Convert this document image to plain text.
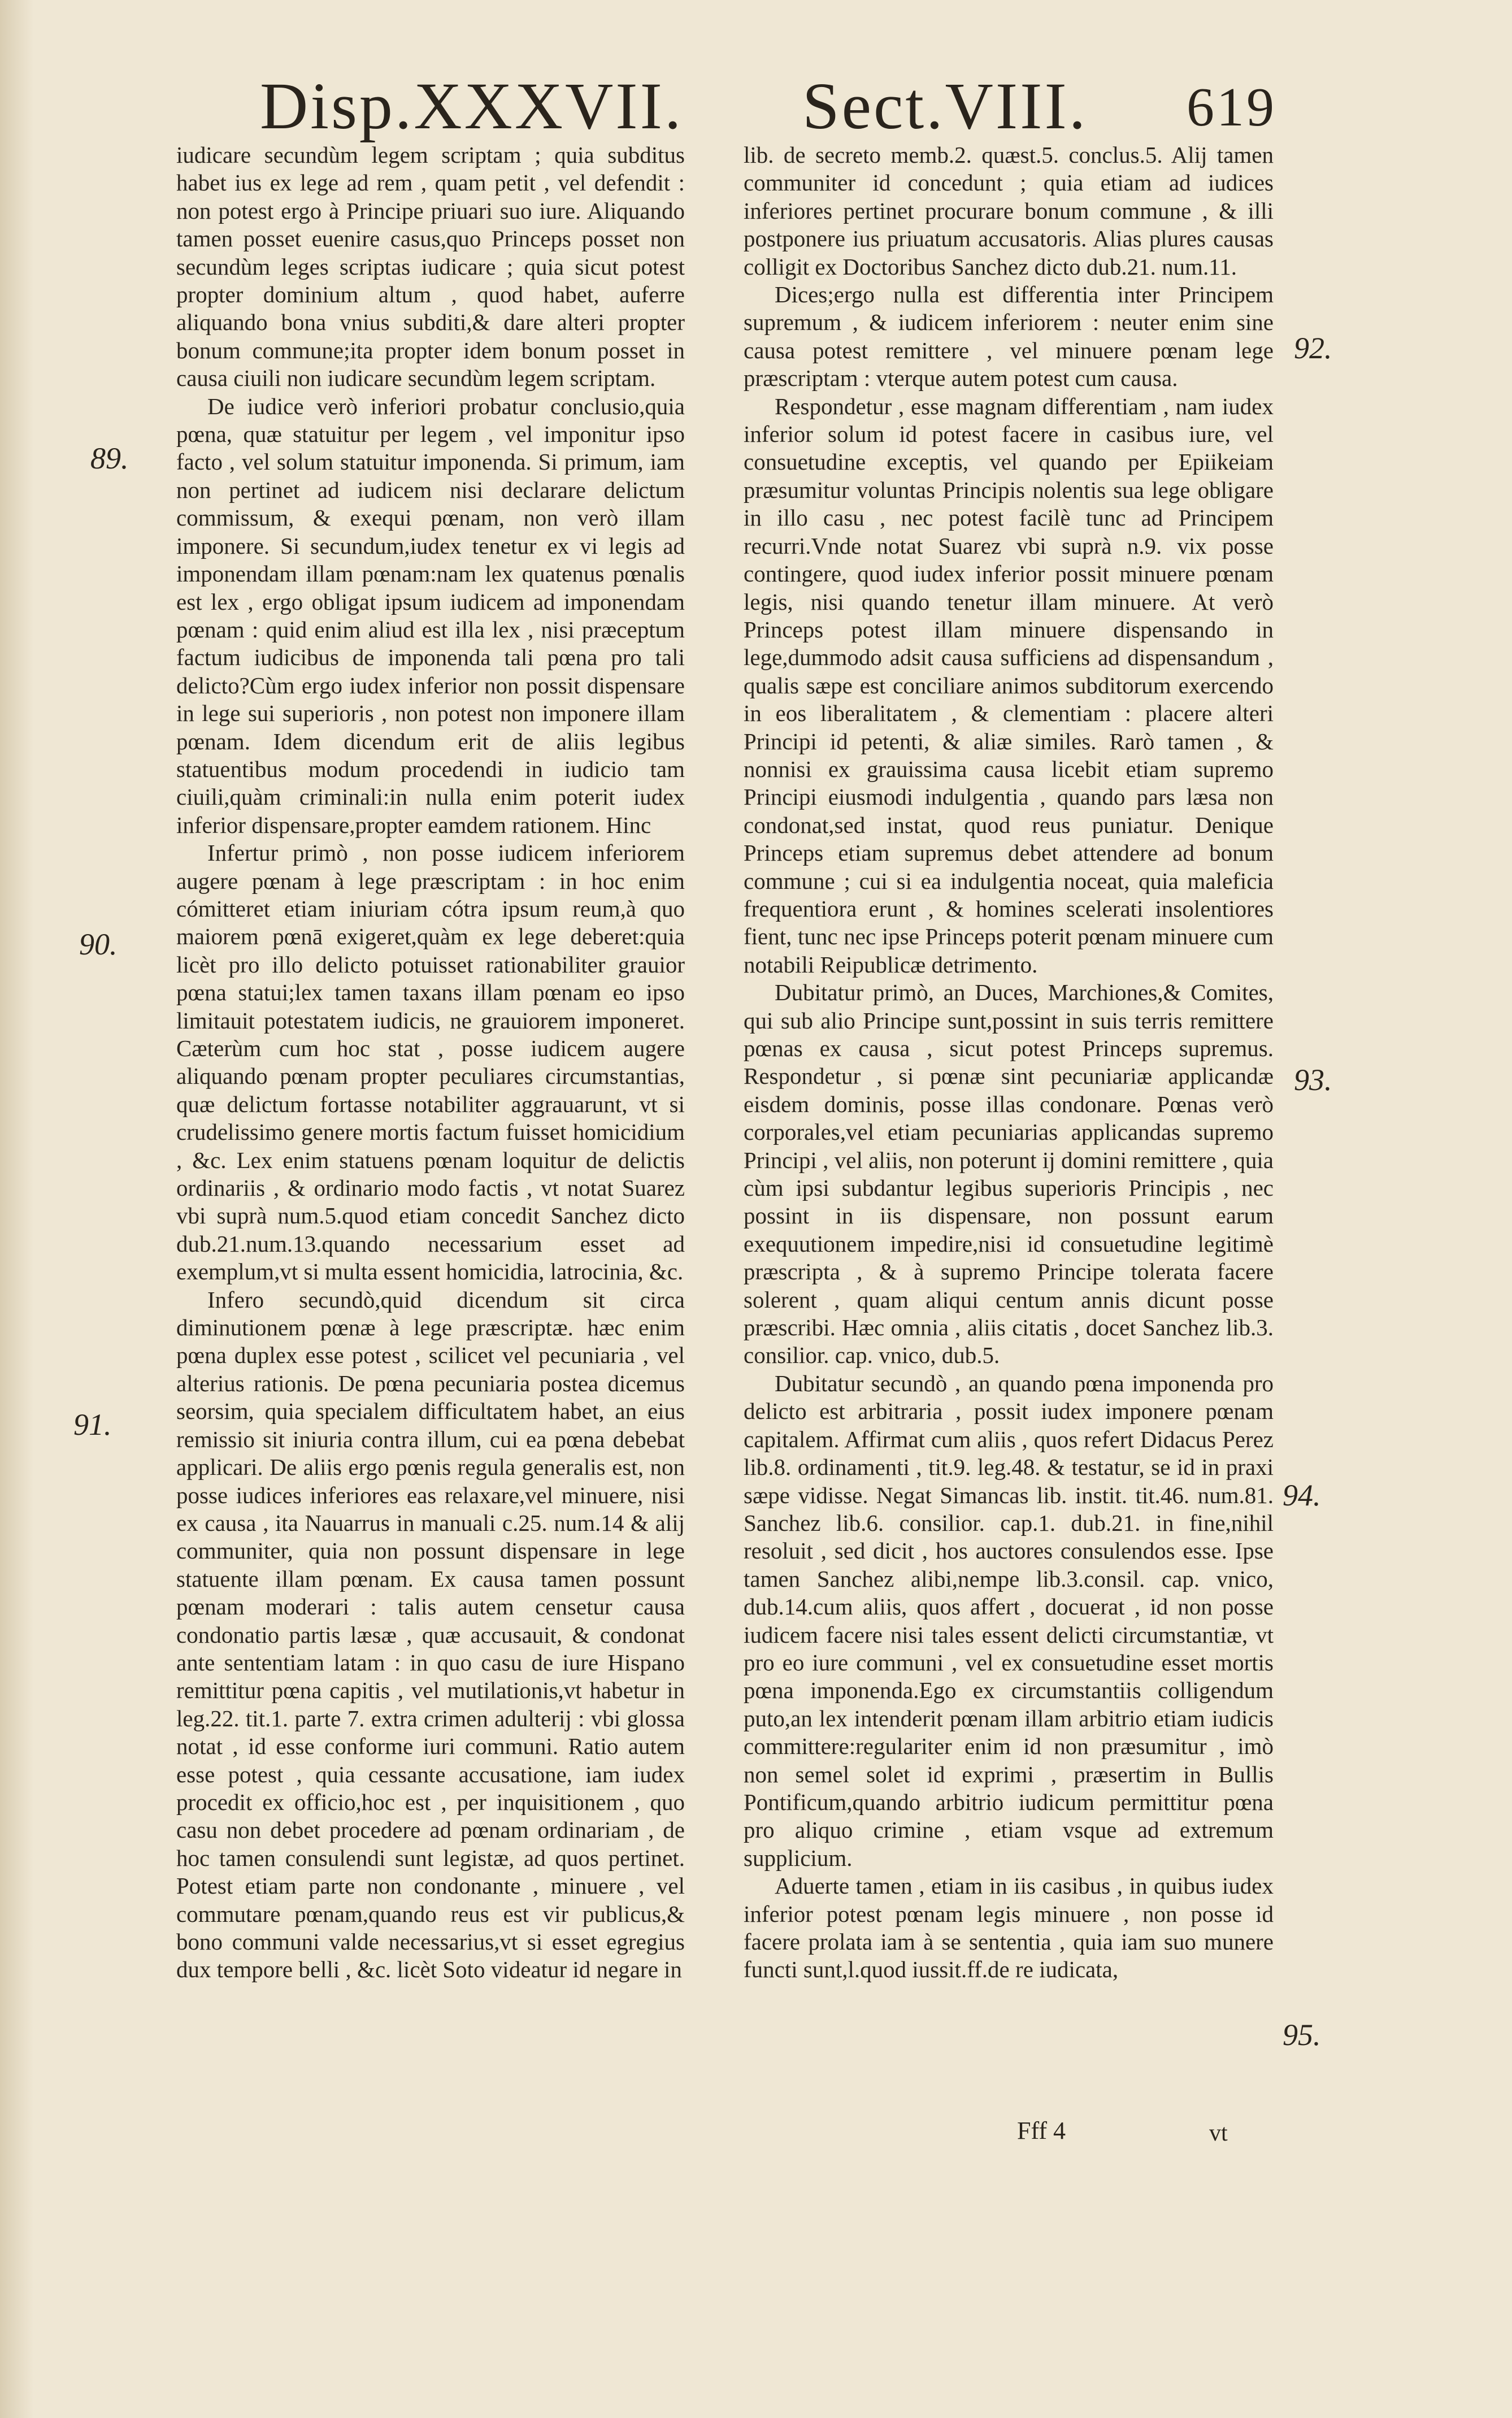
Disp.XXXVII. Sect.VIII. 619

iudicare secundùm legem scriptam ; quia subditus habet ius ex lege ad rem , quam petit , vel defendit : non potest ergo à Principe priuari suo iure. Aliquando tamen posset euenire casus,quo Princeps posset non secundùm leges scriptas iudicare ; quia sicut potest propter dominium altum , quod habet, auferre aliquando bona vnius subditi,& dare alteri propter bonum commune;ita propter idem bonum posset in causa ciuili non iudicare secundùm legem scriptam.

De iudice verò inferiori probatur conclusio,quia pœna, quæ statuitur per legem , vel imponitur ipso facto , vel solum statuitur imponenda. Si primum, iam non pertinet ad iudicem nisi declarare delictum commissum, & exequi pœnam, non verò illam imponere. Si secundum,iudex tenetur ex vi legis ad imponendam illam pœnam:nam lex quatenus pœnalis est lex , ergo obligat ipsum iudicem ad imponendam pœnam : quid enim aliud est illa lex , nisi præceptum factum iudicibus de imponenda tali pœna pro tali delicto?Cùm ergo iudex inferior non possit dispensare in lege sui superioris , non potest non imponere illam pœnam. Idem dicendum erit de aliis legibus statuentibus modum procedendi in iudicio tam ciuili,quàm criminali:in nulla enim poterit iudex inferior dispensare,propter eamdem rationem. Hinc

Infertur primò , non posse iudicem inferiorem augere pœnam à lege præscriptam : in hoc enim cómitteret etiam iniuriam cótra ipsum reum,à quo maiorem pœnā exigeret,quàm ex lege deberet:quia licèt pro illo delicto potuisset rationabiliter grauior pœna statui;lex tamen taxans illam pœnam eo ipso limitauit potestatem iudicis, ne grauiorem imponeret. Cæterùm cum hoc stat , posse iudicem augere aliquando pœnam propter peculiares circumstantias, quæ delictum fortasse notabiliter aggrauarunt, vt si crudelissimo genere mortis factum fuisset homicidium , &c. Lex enim statuens pœnam loquitur de delictis ordinariis , & ordinario modo factis , vt notat Suarez vbi suprà num.5.quod etiam concedit Sanchez dicto dub.21.num.13.quando necessarium esset ad exemplum,vt si multa essent homicidia, latrocinia, &c.

Infero secundò,quid dicendum sit circa diminutionem pœnæ à lege præscriptæ. hæc enim pœna duplex esse potest , scilicet vel pecuniaria , vel alterius rationis. De pœna pecuniaria postea dicemus seorsim, quia specialem difficultatem habet, an eius remissio sit iniuria contra illum, cui ea pœna debebat applicari. De aliis ergo pœnis regula generalis est, non posse iudices inferiores eas relaxare,vel minuere, nisi ex causa , ita Nauarrus in manuali c.25. num.14 & alij communiter, quia non possunt dispensare in lege statuente illam pœnam. Ex causa tamen possunt pœnam moderari : talis autem censetur causa condonatio partis læsæ , quæ accusauit, & condonat ante sententiam latam : in quo casu de iure Hispano remittitur pœna capitis , vel mutilationis,vt habetur in leg.22. tit.1. parte 7. extra crimen adulterij : vbi glossa notat , id esse conforme iuri communi. Ratio autem esse potest , quia cessante accusatione, iam iudex procedit ex officio,hoc est , per inquisitionem , quo casu non debet procedere ad pœnam ordinariam , de hoc tamen consulendi sunt legistæ, ad quos pertinet. Potest etiam parte non condonante , minuere , vel commutare pœnam,quando reus est vir publicus,& bono communi valde necessarius,vt si esset egregius dux tempore belli , &c. licèt Soto videatur id negare in

lib. de secreto memb.2. quæst.5. conclus.5. Alij tamen communiter id concedunt ; quia etiam ad iudices inferiores pertinet procurare bonum commune , & illi postponere ius priuatum accusatoris. Alias plures causas colligit ex Doctoribus Sanchez dicto dub.21. num.11.

Dices;ergo nulla est differentia inter Principem supremum , & iudicem inferiorem : neuter enim sine causa potest remittere , vel minuere pœnam lege præscriptam : vterque autem potest cum causa.

Respondetur , esse magnam differentiam , nam iudex inferior solum id potest facere in casibus iure, vel consuetudine exceptis, vel quando per Epiikeiam præsumitur voluntas Principis nolentis sua lege obligare in illo casu , nec potest facilè tunc ad Principem recurri.Vnde notat Suarez vbi suprà n.9. vix posse contingere, quod iudex inferior possit minuere pœnam legis, nisi quando tenetur illam minuere. At verò Princeps potest illam minuere dispensando in lege,dummodo adsit causa sufficiens ad dispensandum , qualis sæpe est conciliare animos subditorum exercendo in eos liberalitatem , & clementiam : placere alteri Principi id petenti, & aliæ similes. Rarò tamen , & nonnisi ex grauissima causa licebit etiam supremo Principi eiusmodi indulgentia , quando pars læsa non condonat,sed instat, quod reus puniatur. Denique Princeps etiam supremus debet attendere ad bonum commune ; cui si ea indulgentia noceat, quia maleficia frequentiora erunt , & homines scelerati insolentiores fient, tunc nec ipse Princeps poterit pœnam minuere cum notabili Reipublicæ detrimento.

Dubitatur primò, an Duces, Marchiones,& Comites, qui sub alio Principe sunt,possint in suis terris remittere pœnas ex causa , sicut potest Princeps supremus. Respondetur , si pœnæ sint pecuniariæ applicandæ eisdem dominis, posse illas condonare. Pœnas verò corporales,vel etiam pecuniarias applicandas supremo Principi , vel aliis, non poterunt ij domini remittere , quia cùm ipsi subdantur legibus superioris Principis , nec possint in iis dispensare, non possunt earum exequutionem impedire,nisi id consuetudine legitimè præscripta , & à supremo Principe tolerata facere solerent , quam aliqui centum annis dicunt posse præscribi. Hæc omnia , aliis citatis , docet Sanchez lib.3. consilior. cap. vnico, dub.5.

Dubitatur secundò , an quando pœna imponenda pro delicto est arbitraria , possit iudex imponere pœnam capitalem. Affirmat cum aliis , quos refert Didacus Perez lib.8. ordinamenti , tit.9. leg.48. & testatur, se id in praxi sæpe vidisse. Negat Simancas lib. instit. tit.46. num.81. Sanchez lib.6. consilior. cap.1. dub.21. in fine,nihil resoluit , sed dicit , hos auctores consulendos esse. Ipse tamen Sanchez alibi,nempe lib.3.consil. cap. vnico, dub.14.cum aliis, quos affert , docuerat , id non posse iudicem facere nisi tales essent delicti circumstantiæ, vt pro eo iure communi , vel ex consuetudine esset mortis pœna imponenda.Ego ex circumstantiis colligendum puto,an lex intenderit pœnam illam arbitrio etiam iudicis committere:regulariter enim id non præsumitur , imò non semel solet id exprimi , præsertim in Bullis Pontificum,quando arbitrio iudicum permittitur pœna pro aliquo crimine , etiam vsque ad extremum supplicium.

Aduerte tamen , etiam in iis casibus , in quibus iudex inferior potest pœnam legis minuere , non posse id facere prolata iam à se sententia , quia iam suo munere functi sunt,l.quod iussit.ff.de re iudicata,

89.
90.
91.
92.
93.
94.
95.
Fff 4	vt
